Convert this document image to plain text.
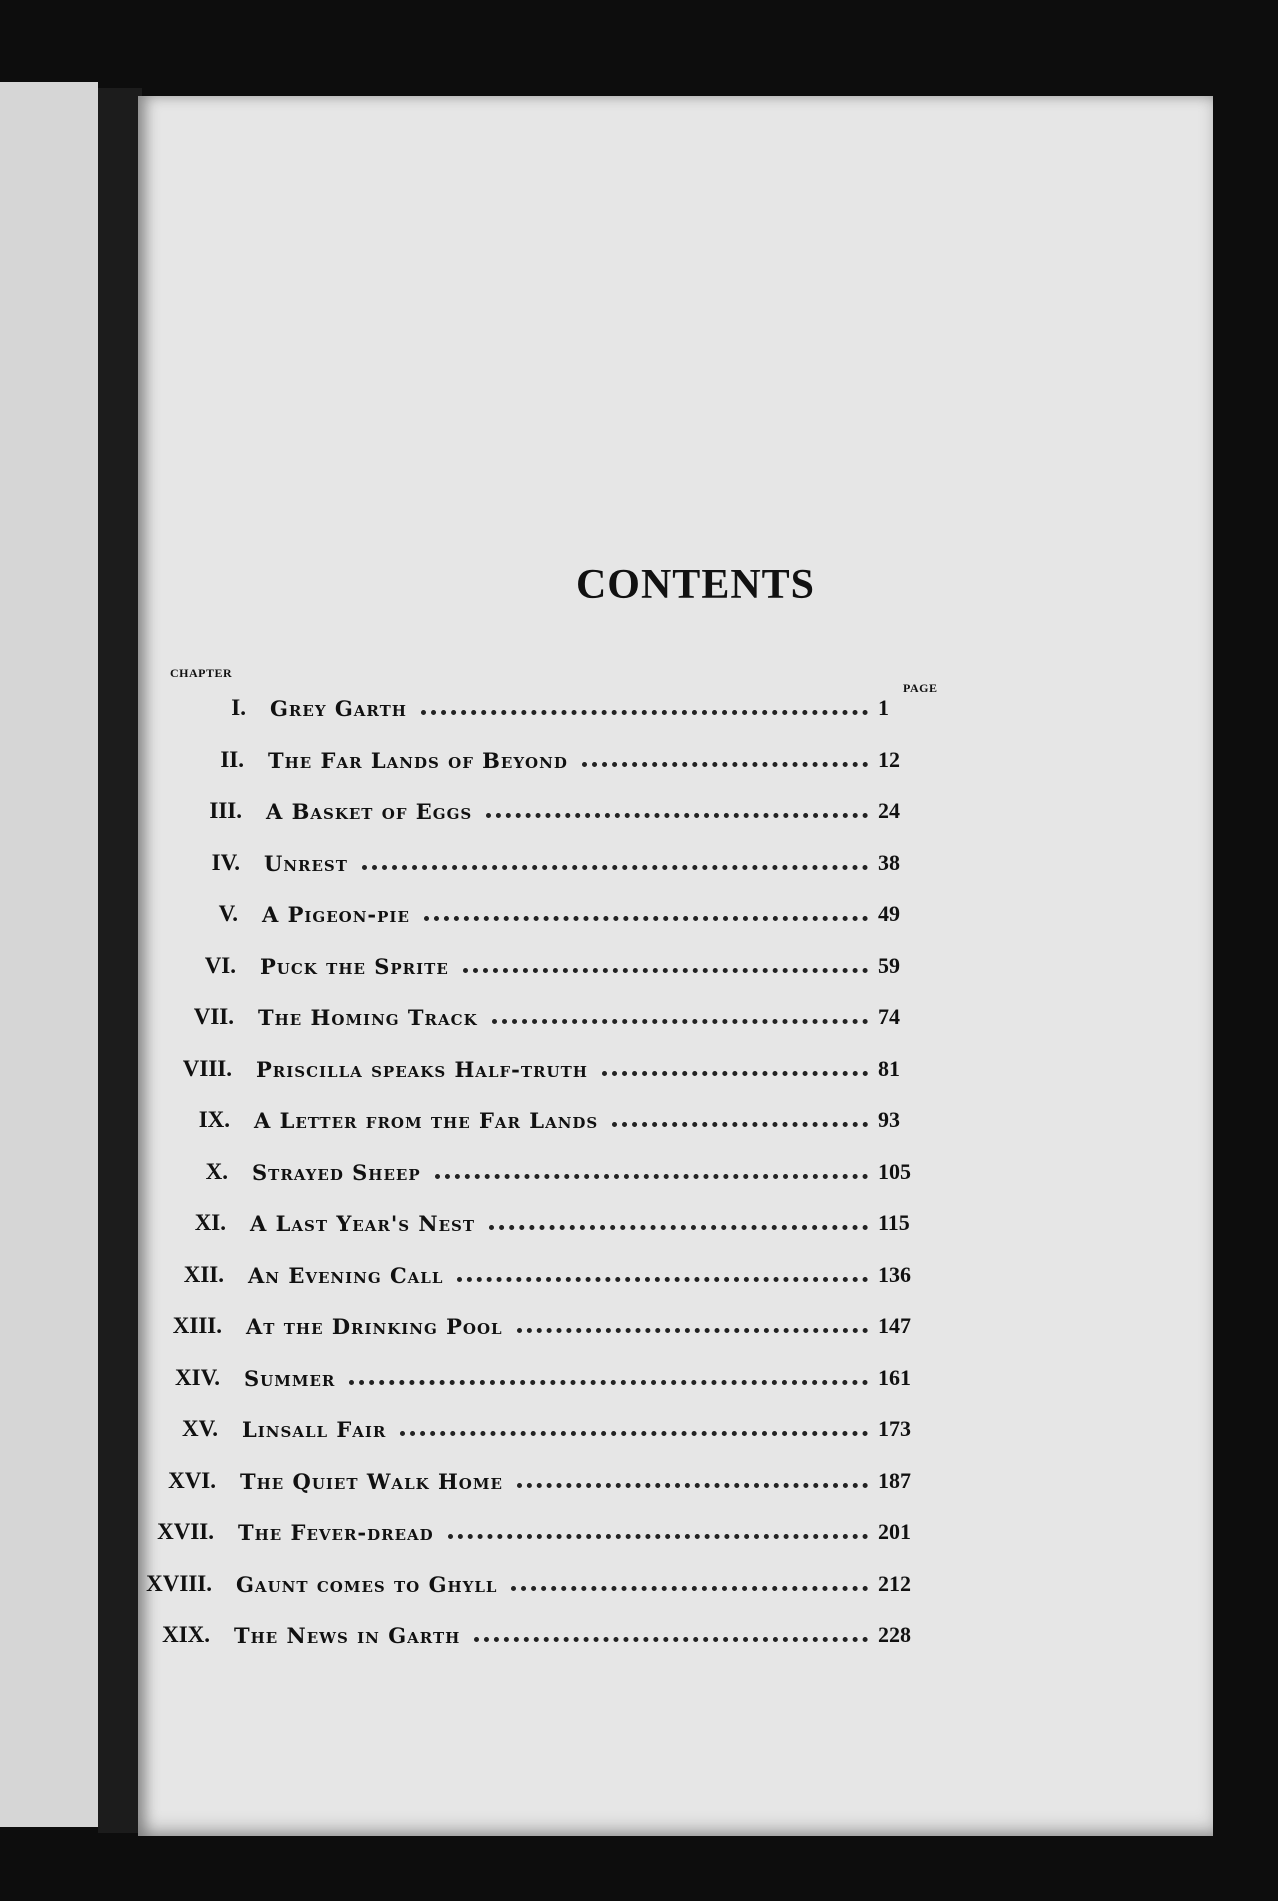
CONTENTS
CHAPTER
PAGE
I. Grey Garth	1
II. The Far Lands of Beyond	12
III. A Basket of Eggs	24
IV. Unrest	38
V. A Pigeon-pie	49
VI. Puck the Sprite	59
VII. The Homing Track	74
VIII. Priscilla speaks Half-truth	81
IX. A Letter from the Far Lands	93
X. Strayed Sheep	105
XI. A Last Year's Nest	115
XII. An Evening Call	136
XIII. At the Drinking Pool	147
XIV. Summer	161
XV. Linsall Fair	173
XVI. The Quiet Walk Home	187
XVII. The Fever-dread	201
XVIII. Gaunt comes to Ghyll	212
XIX. The News in Garth	228
